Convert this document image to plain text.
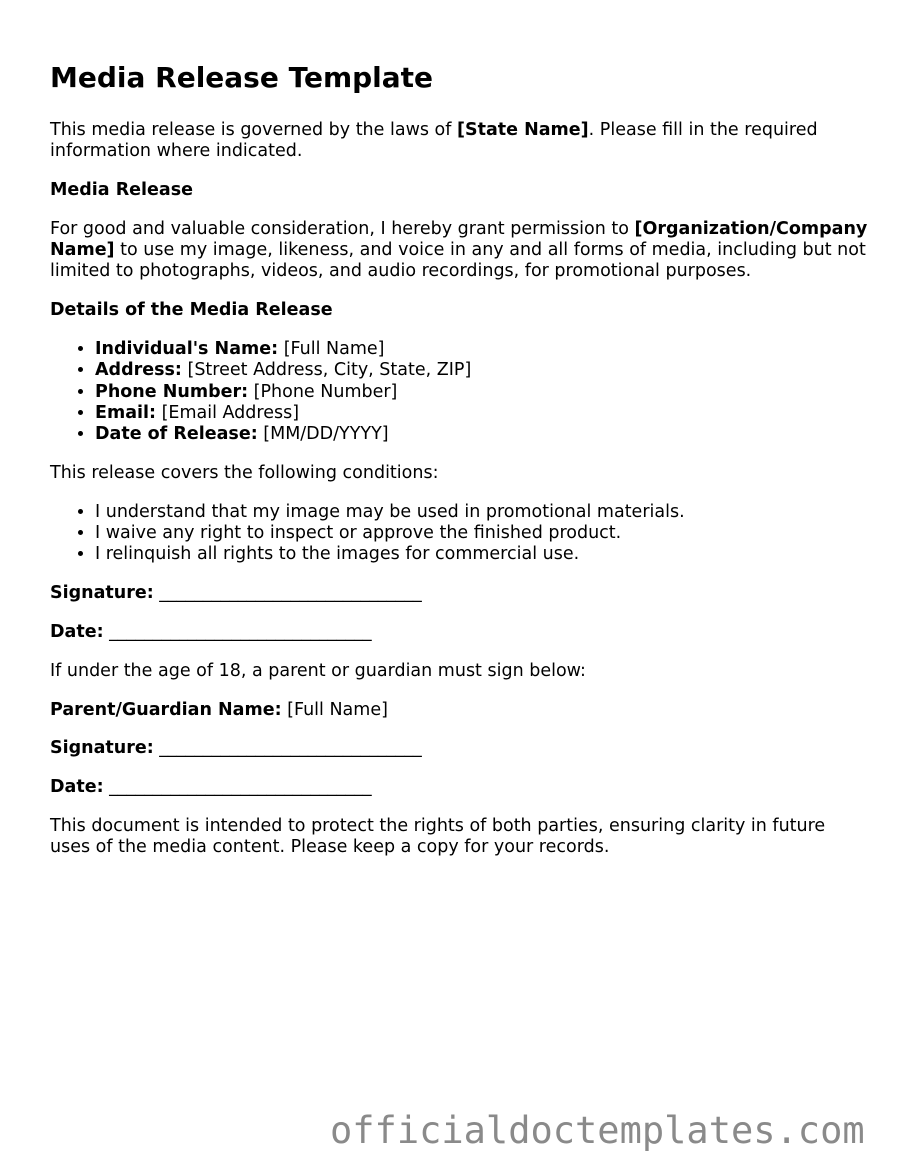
Media Release Template

This media release is governed by the laws of [State Name]. Please fill in the required information where indicated.

Media Release

For good and valuable consideration, I hereby grant permission to [Organization/Company Name] to use my image, likeness, and voice in any and all forms of media, including but not limited to photographs, videos, and audio recordings, for promotional purposes.

Details of the Media Release

• Individual's Name: [Full Name]
• Address: [Street Address, City, State, ZIP]
• Phone Number: [Phone Number]
• Email: [Email Address]
• Date of Release: [MM/DD/YYYY]

This release covers the following conditions:

• I understand that my image may be used in promotional materials.
• I waive any right to inspect or approve the finished product.
• I relinquish all rights to the images for commercial use.

Signature: ______________________________

Date: ______________________________

If under the age of 18, a parent or guardian must sign below:

Parent/Guardian Name: [Full Name]

Signature: ______________________________

Date: ______________________________

This document is intended to protect the rights of both parties, ensuring clarity in future uses of the media content. Please keep a copy for your records.

officialdoctemplates.com
